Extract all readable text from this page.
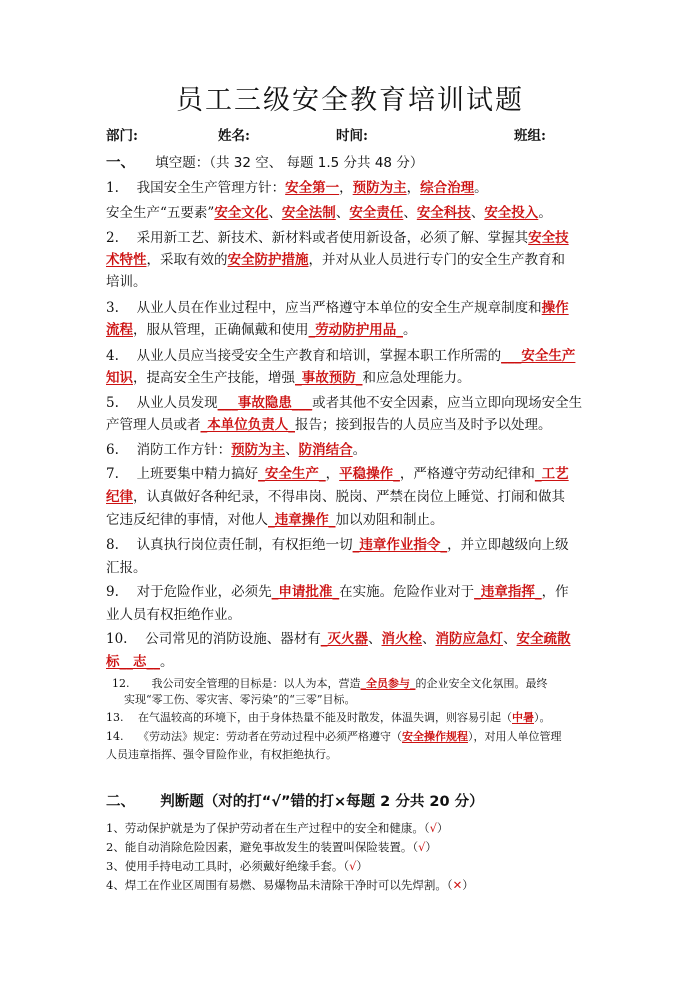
员工三级安全教育培训试题
部门:	姓名:	时间:	班组:
一、 填空题：（共 32 空、 每题 1.5 分共 48 分）
1.　 我国安全生产管理方针：安全第一，预防为主，综合治理。
安全生产“五要素”安全文化、安全法制、安全责任、安全科技、安全投入。
2.　 采用新工艺、新技术、新材料或者使用新设备，必须了解、掌握其安全技
术特性，采取有效的安全防护措施，并对从业人员进行专门的安全生产教育和
培训。
3.　 从业人员在作业过程中，应当严格遵守本单位的安全生产规章制度和操作
流程，服从管理，正确佩戴和使用_劳动防护用品_。
4.　 从业人员应当接受安全生产教育和培训，掌握本职工作所需的___安全生产
知识，提高安全生产技能，增强_事故预防_和应急处理能力。
5.　 从业人员发现___事故隐患___或者其他不安全因素，应当立即向现场安全生
产管理人员或者_本单位负责人_报告；接到报告的人员应当及时予以处理。
6.　 消防工作方针：预防为主、防消结合。
7.　 上班要集中精力搞好_安全生产_，平稳操作_，严格遵守劳动纪律和_工艺
纪律，认真做好各种纪录，不得串岗、脱岗、严禁在岗位上睡觉、打闹和做其
它违反纪律的事情，对他人_违章操作_加以劝阻和制止。
8.　 认真执行岗位责任制，有权拒绝一切_违章作业指令_，并立即越级向上级
汇报。
9.　 对于危险作业，必须先_申请批准_在实施。危险作业对于_违章指挥_，作
业人员有权拒绝作业。
10.　 公司常见的消防设施、器材有_灭火器、消火栓、消防应急灯、安全疏散
标__志__。
12.　　我公司安全管理的目标是：以人为本，营造_全员参与_的企业安全文化氛围。最终
实现“零工伤、零灾害、零污染”的“三零”目标。
13.　 在气温较高的环境下，由于身体热量不能及时散发，体温失调，则容易引起（中暑）。
14.　 《劳动法》规定：劳动者在劳动过程中必须严格遵守（安全操作规程），对用人单位管理
人员违章指挥、强令冒险作业，有权拒绝执行。
二、 判断题（对的打“√”错的打×每题 2 分共 20 分）
1、劳动保护就是为了保护劳动者在生产过程中的安全和健康。（√）
2、能自动消除危险因素，避免事故发生的装置叫保险装置。（√）
3、使用手持电动工具时，必须戴好绝缘手套。（√）
4、焊工在作业区周围有易燃、易爆物品未清除干净时可以先焊割。（✕）
